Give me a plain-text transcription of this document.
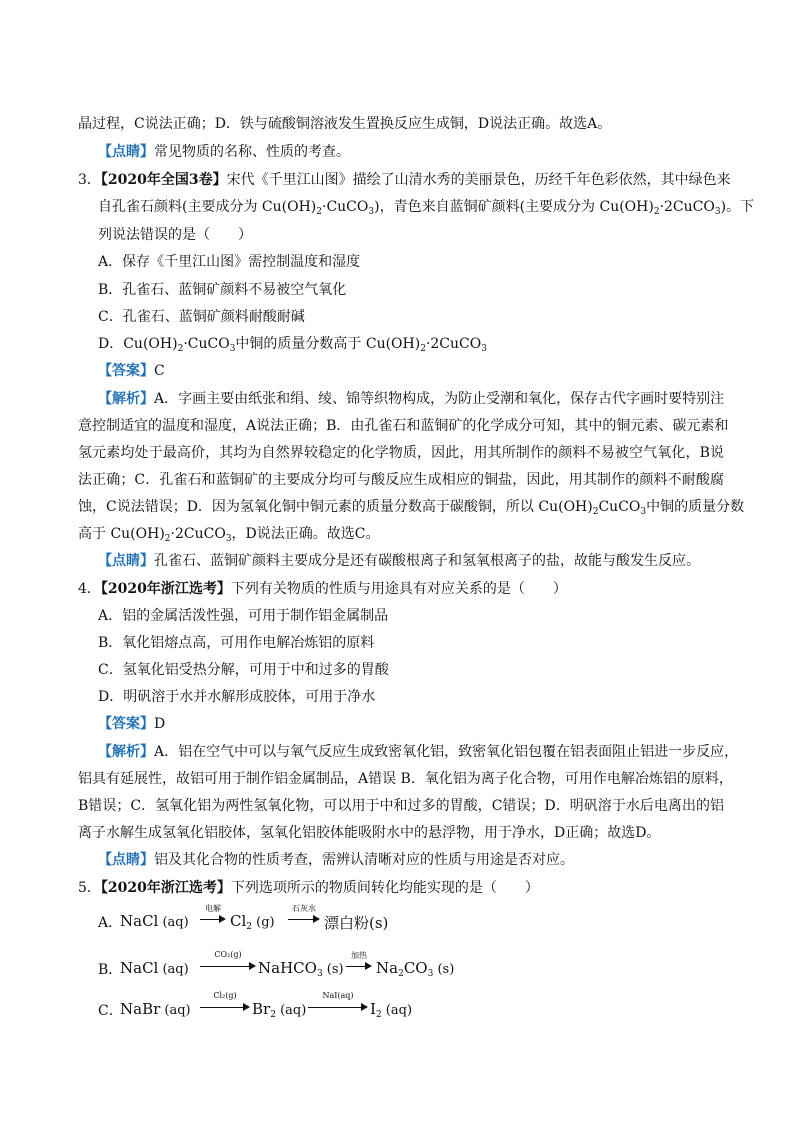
晶过程，C说法正确；D．铁与硫酸铜溶液发生置换反应生成铜，D说法正确。故选A。
【点睛】常见物质的名称、性质的考查。
3．【2020年全国3卷】宋代《千里江山图》描绘了山清水秀的美丽景色，历经千年色彩依然，其中绿色来
自孔雀石颜料(主要成分为 $Cu(OH)_2\cdot CuCO_3$)，青色来自蓝铜矿颜料(主要成分为 $Cu(OH)_2\cdot 2CuCO_3$)。下
列说法错误的是（　　）
A．保存《千里江山图》需控制温度和湿度
B．孔雀石、蓝铜矿颜料不易被空气氧化
C．孔雀石、蓝铜矿颜料耐酸耐碱
D．$Cu(OH)_2\cdot CuCO_3$中铜的质量分数高于 $Cu(OH)_2\cdot 2CuCO_3$
【答案】C
【解析】A．字画主要由纸张和绢、绫、锦等织物构成，为防止受潮和氧化，保存古代字画时要特别注
意控制适宜的温度和湿度，A说法正确；B．由孔雀石和蓝铜矿的化学成分可知，其中的铜元素、碳元素和
氢元素均处于最高价，其均为自然界较稳定的化学物质，因此，用其所制作的颜料不易被空气氧化，B说
法正确；C．孔雀石和蓝铜矿的主要成分均可与酸反应生成相应的铜盐，因此，用其制作的颜料不耐酸腐
蚀，C说法错误；D．因为氢氧化铜中铜元素的质量分数高于碳酸铜，所以 $Cu(OH)_2CuCO_3$中铜的质量分数
高于 $Cu(OH)_2\cdot 2CuCO_3$，D说法正确。故选C。
【点睛】孔雀石、蓝铜矿颜料主要成分是还有碳酸根离子和氢氧根离子的盐，故能与酸发生反应。
4．【2020年浙江选考】下列有关物质的性质与用途具有对应关系的是（　　）
A．铝的金属活泼性强，可用于制作铝金属制品
B．氧化铝熔点高，可用作电解冶炼铝的原料
C．氢氧化铝受热分解，可用于中和过多的胃酸
D．明矾溶于水并水解形成胶体，可用于净水
【答案】D
【解析】A．铝在空气中可以与氧气反应生成致密氧化铝，致密氧化铝包覆在铝表面阻止铝进一步反应，
铝具有延展性，故铝可用于制作铝金属制品，A错误 B．氧化铝为离子化合物，可用作电解冶炼铝的原料，
B错误；C．氢氧化铝为两性氢氧化物，可以用于中和过多的胃酸，C错误；D．明矾溶于水后电离出的铝
离子水解生成氢氧化铝胶体，氢氧化铝胶体能吸附水中的悬浮物，用于净水，D正确；故选D。
【点睛】铝及其化合物的性质考查，需辨认清晰对应的性质与用途是否对应。
5．【2020年浙江选考】下列选项所示的物质间转化均能实现的是（　　）
A．
NaCl (aq)
电解
$Cl_2$ (g)
石灰水
漂白粉(s)
B．
NaCl (aq)
CO₂(g)
NaHCO$_3$ (s)
加热
$Na_2CO_3$ (s)
C．
NaBr (aq)
Cl₂(g)
$Br_2$ (aq)
NaI(aq)
$I_2$ (aq)
